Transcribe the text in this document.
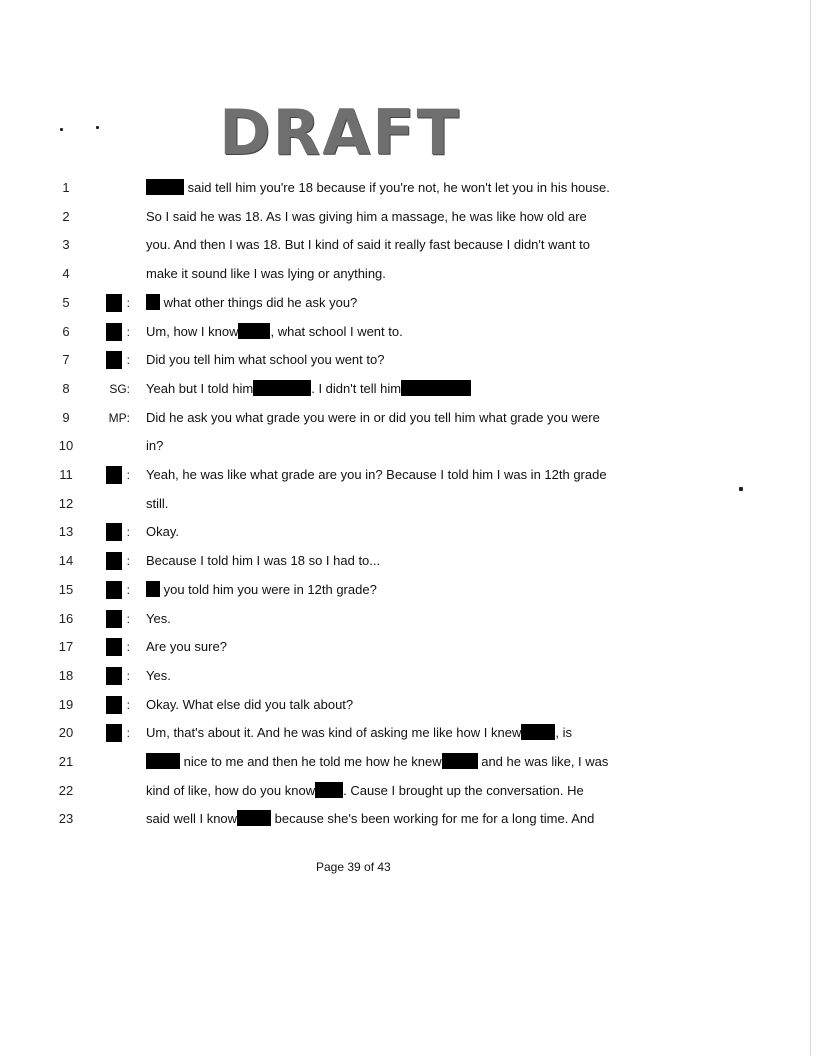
DRAFT
1	said tell him you're 18 because if you're not, he won't let you in his house.
2	So I said he was 18. As I was giving him a massage, he was like how old are
3	you. And then I was 18. But I kind of said it really fast because I didn't want to
4	make it sound like I was lying or anything.
5	:	what other things did he ask you?
6	: Um, how I know , what school I went to.
7	: Did you tell him what school you went to?
8	SG: Yeah but I told him	. I didn't tell him
9	MP: Did he ask you what grade you were in or did you tell him what grade you were
10	in?
11	: Yeah, he was like what grade are you in? Because I told him I was in 12th grade
12	still.
13	: Okay.
14	: Because I told him I was 18 so I had to...
15	:	you told him you were in 12th grade?
16	: Yes.
17	: Are you sure?
18	: Yes.
19	: Okay. What else did you talk about?
20	: Um, that's about it. And he was kind of asking me like how I knew	, is
21	nice to me and then he told me how he knew	and he was like, I was
22	kind of like, how do you know . Cause I brought up the conversation. He
23	said well I know	because she's been working for me for a long time. And
Page 39 of 43
